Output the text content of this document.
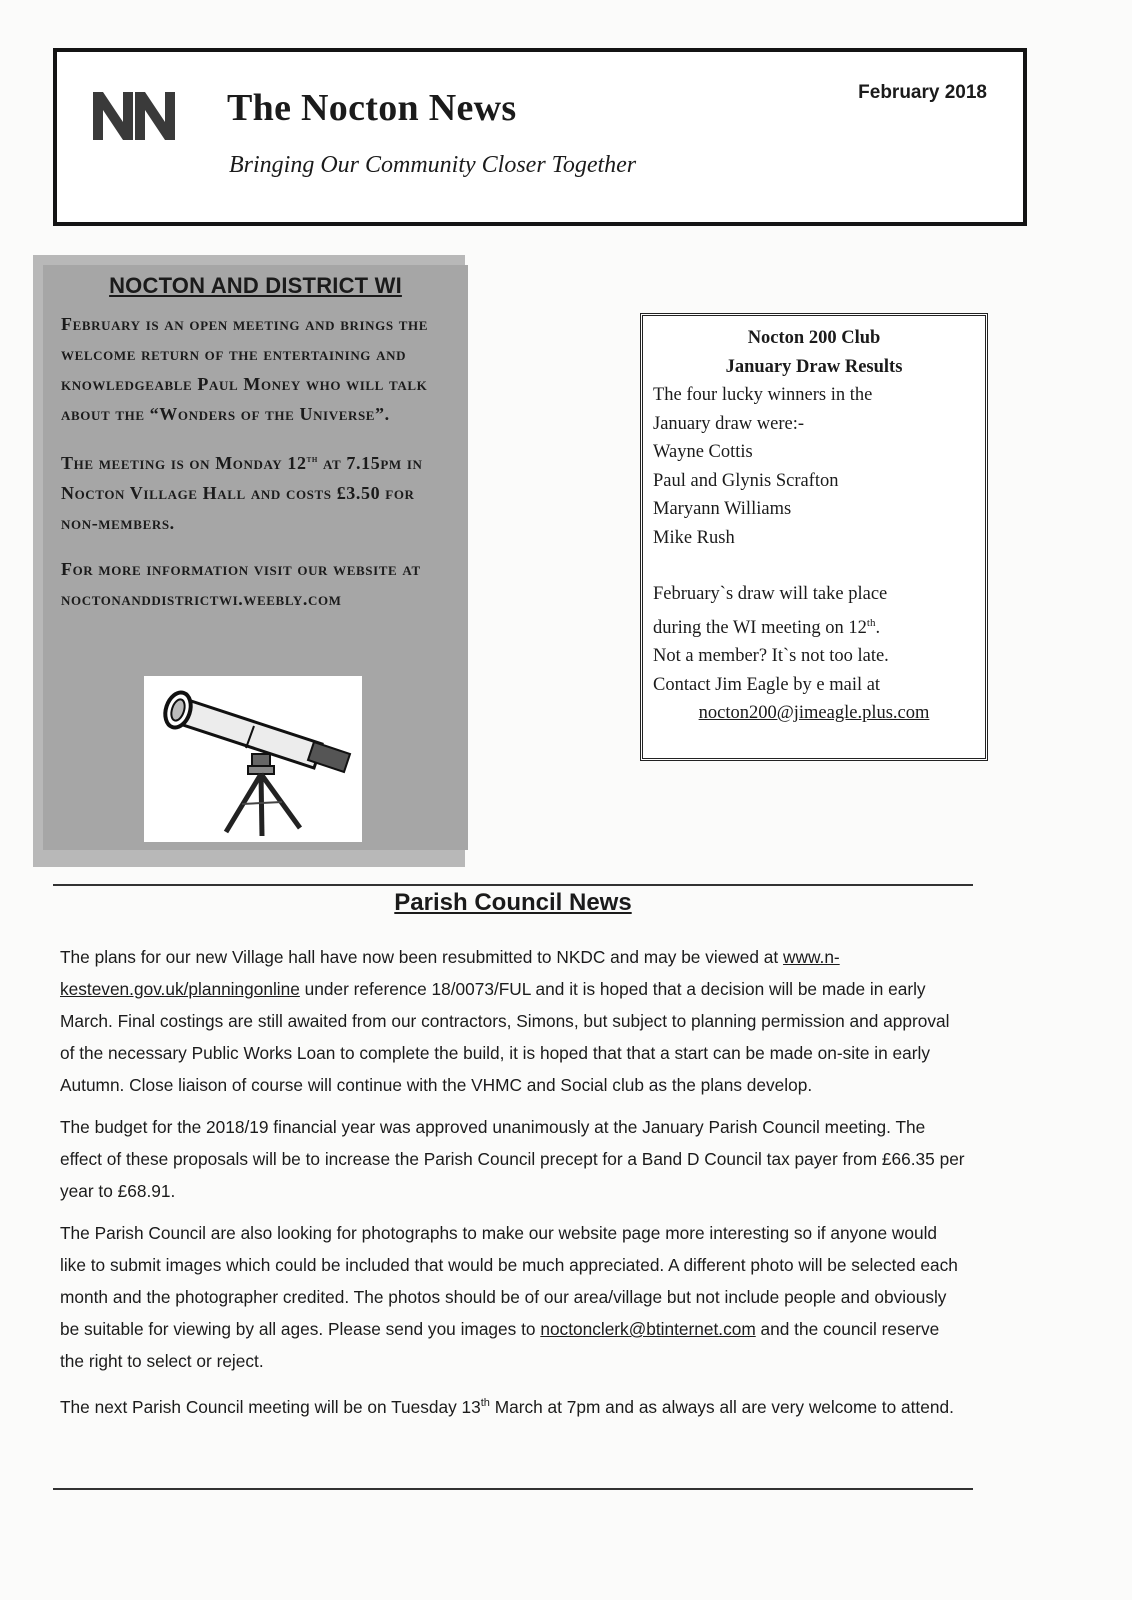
The Nocton News	February 2018
Bringing Our Community Closer Together
NOCTON AND DISTRICT WI

February is an open meeting and brings the welcome return of the entertaining and knowledgeable Paul Money who will talk about the “Wonders of the Universe”.

The meeting is on Monday 12th at 7.15pm in Nocton Village Hall and costs £3.50 for non-members.

For more information visit our website at
noctonanddistrictwi.weebly.com

Nocton 200 Club
January Draw Results
The four lucky winners in the
January draw were:-
Wayne Cottis
Paul and Glynis Scrafton
Maryann Williams
Mike Rush
February`s draw will take place
during the WI meeting on 12th.
Not a member? It`s not too late.
Contact Jim Eagle by e mail at
nocton200@jimeagle.plus.com
Parish Council News

The plans for our new Village hall have now been resubmitted to NKDC and may be viewed at www.n-kesteven.gov.uk/planningonline under reference 18/0073/FUL and it is hoped that a decision will be made in early March. Final costings are still awaited from our contractors, Simons, but subject to planning permission and approval of the necessary Public Works Loan to complete the build, it is hoped that that a start can be made on-site in early Autumn. Close liaison of course will continue with the VHMC and Social club as the plans develop.

The budget for the 2018/19 financial year was approved unanimously at the January Parish Council meeting. The effect of these proposals will be to increase the Parish Council precept for a Band D Council tax payer from £66.35 per year to £68.91.

The Parish Council are also looking for photographs to make our website page more interesting so if anyone would like to submit images which could be included that would be much appreciated. A different photo will be selected each month and the photographer credited. The photos should be of our area/village but not include people and obviously be suitable for viewing by all ages. Please send you images to noctonclerk@btinternet.com and the council reserve the right to select or reject.

The next Parish Council meeting will be on Tuesday 13th March at 7pm and as always all are very welcome to attend.
